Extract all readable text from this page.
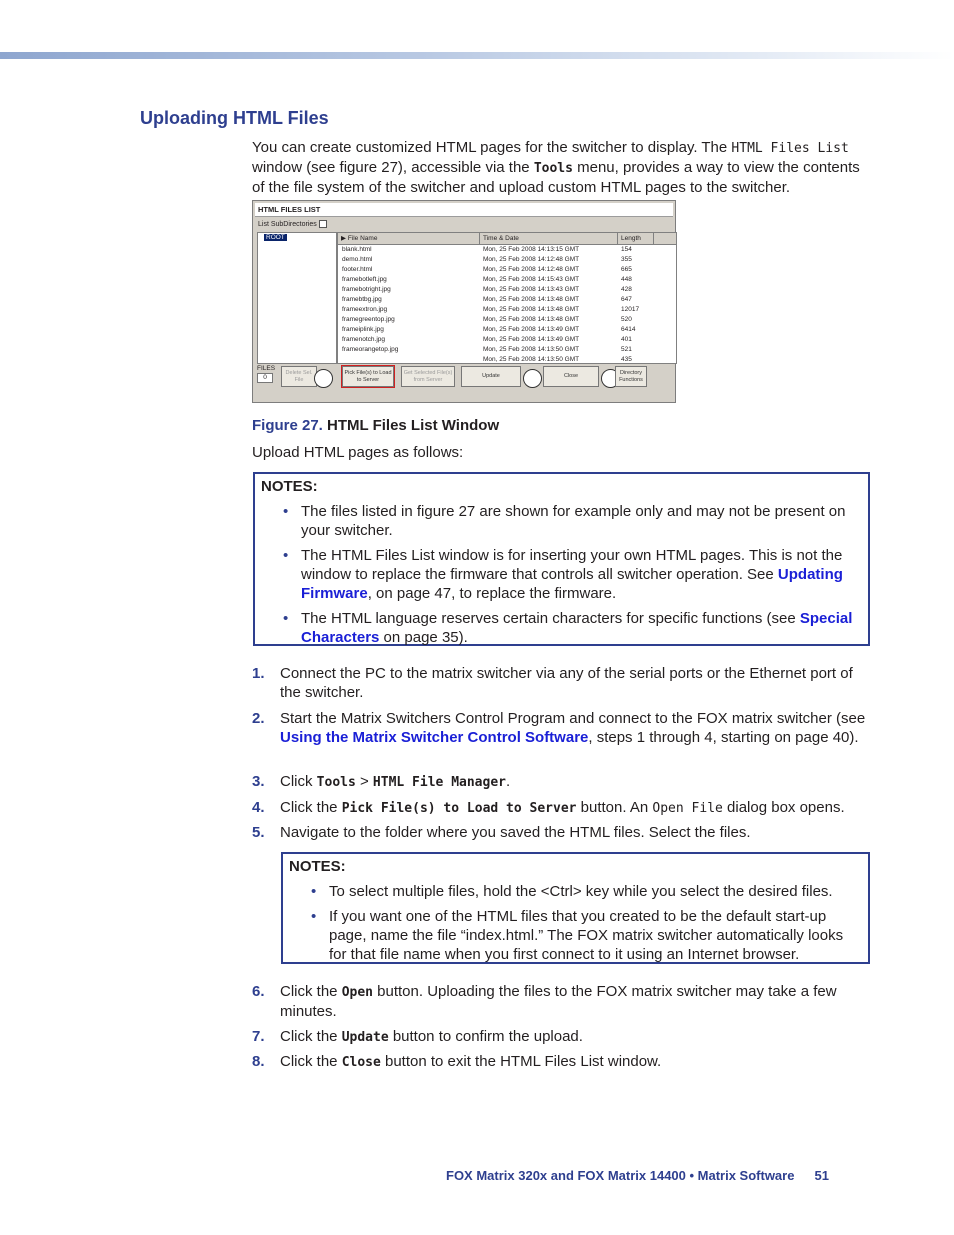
Uploading HTML Files
You can create customized HTML pages for the switcher to display. The HTML Files List window (see figure 27), accessible via the Tools menu, provides a way to view the contents of the file system of the switcher and upload custom HTML pages to the switcher.
HTML FILES LIST
List SubDirectories
ROOT	▶ File Name	Time & Date	Length
blank.html	Mon, 25 Feb 2008 14:13:15 GMT	154
demo.html	Mon, 25 Feb 2008 14:12:48 GMT	355
footer.html	Mon, 25 Feb 2008 14:12:48 GMT	665
framebotleft.jpg	Mon, 25 Feb 2008 14:15:43 GMT	448
framebotright.jpg	Mon, 25 Feb 2008 14:13:43 GMT	428
framebtbg.jpg	Mon, 25 Feb 2008 14:13:48 GMT	647
frameextron.jpg	Mon, 25 Feb 2008 14:13:48 GMT	12017
framegreentop.jpg	Mon, 25 Feb 2008 14:13:48 GMT	520
frameiplink.jpg	Mon, 25 Feb 2008 14:13:49 GMT	6414
framenotch.jpg	Mon, 25 Feb 2008 14:13:49 GMT	401
frameorangetop.jpg	Mon, 25 Feb 2008 14:13:50 GMT	521
Mon, 25 Feb 2008 14:13:50 GMT	435
FILES
0
Delete Sel. File
Pick File(s) to Load to Server
Get Selected File(s) from Server
Update	Close	Directory Functions
Figure 27. HTML Files List Window
Upload HTML pages as follows:
NOTES:
• The files listed in figure 27 are shown for example only and may not be present on your switcher.
• The HTML Files List window is for inserting your own HTML pages. This is not the window to replace the firmware that controls all switcher operation. See Updating Firmware, on page 47, to replace the firmware.
• The HTML language reserves certain characters for specific functions (see Special Characters on page 35).
1. Connect the PC to the matrix switcher via any of the serial ports or the Ethernet port of the switcher.
2. Start the Matrix Switchers Control Program and connect to the FOX matrix switcher (see Using the Matrix Switcher Control Software, steps 1 through 4, starting on page 40).
3. Click Tools > HTML File Manager.
4. Click the Pick File(s) to Load to Server button. An Open File dialog box opens.
5. Navigate to the folder where you saved the HTML files. Select the files.
NOTES:
• To select multiple files, hold the <Ctrl> key while you select the desired files.
• If you want one of the HTML files that you created to be the default start-up page, name the file “index.html.” The FOX matrix switcher automatically looks for that file name when you first connect to it using an Internet browser.
6. Click the Open button. Uploading the files to the FOX matrix switcher may take a few minutes.
7. Click the Update button to confirm the upload.
8. Click the Close button to exit the HTML Files List window.
FOX Matrix 320x and FOX Matrix 14400 • Matrix Software 51
